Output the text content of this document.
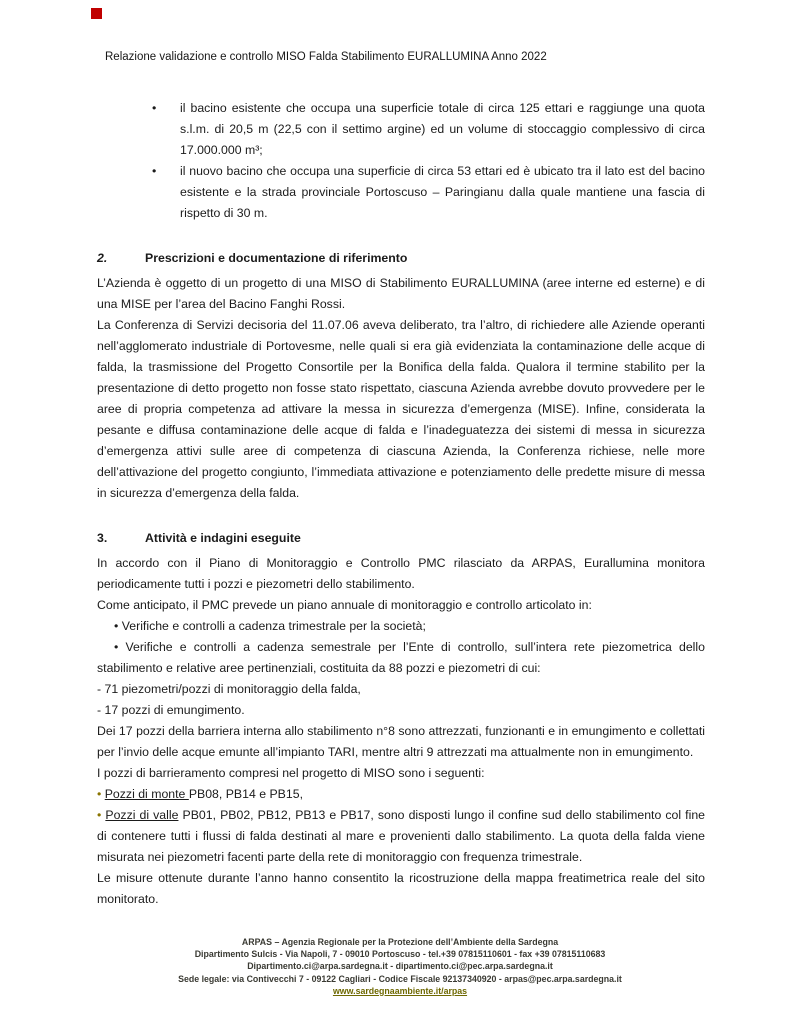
Relazione validazione e controllo MISO Falda Stabilimento EURALLUMINA Anno 2022
• il bacino esistente che occupa una superficie totale di circa 125 ettari e raggiunge una quota s.l.m. di 20,5 m (22,5 con il settimo argine) ed un volume di stoccaggio complessivo di circa 17.000.000 m³;
• il nuovo bacino che occupa una superficie di circa 53 ettari ed è ubicato tra il lato est del bacino esistente e la strada provinciale Portoscuso – Paringianu dalla quale mantiene una fascia di rispetto di 30 m.
2.	Prescrizioni e documentazione di riferimento

L’Azienda è oggetto di un progetto di una MISO di Stabilimento EURALLUMINA (aree interne ed esterne) e di una MISE per l’area del Bacino Fanghi Rossi.

La Conferenza di Servizi decisoria del 11.07.06 aveva deliberato, tra l’altro, di richiedere alle Aziende operanti nell’agglomerato industriale di Portovesme, nelle quali si era già evidenziata la contaminazione delle acque di falda, la trasmissione del Progetto Consortile per la Bonifica della falda. Qualora il termine stabilito per la presentazione di detto progetto non fosse stato rispettato, ciascuna Azienda avrebbe dovuto provvedere per le aree di propria competenza ad attivare la messa in sicurezza d’emergenza (MISE). Infine, considerata la pesante e diffusa contaminazione delle acque di falda e l’inadeguatezza dei sistemi di messa in sicurezza d’emergenza attivi sulle aree di competenza di ciascuna Azienda, la Conferenza richiese, nelle more dell’attivazione del progetto congiunto, l’immediata attivazione e potenziamento delle predette misure di messa in sicurezza d’emergenza della falda.

3.	Attività e indagini eseguite

In accordo con il Piano di Monitoraggio e Controllo PMC rilasciato da ARPAS, Eurallumina monitora periodicamente tutti i pozzi e piezometri dello stabilimento.

Come anticipato, il PMC prevede un piano annuale di monitoraggio e controllo articolato in:

• Verifiche e controlli a cadenza trimestrale per la società;

• Verifiche e controlli a cadenza semestrale per l’Ente di controllo, sull’intera rete piezometrica dello stabilimento e relative aree pertinenziali, costituita da 88 pozzi e piezometri di cui:

- 71 piezometri/pozzi di monitoraggio della falda,

- 17 pozzi di emungimento.

Dei 17 pozzi della barriera interna allo stabilimento n°8 sono attrezzati, funzionanti e in emungimento e collettati per l’invio delle acque emunte all’impianto TARI, mentre altri 9 attrezzati ma attualmente non in emungimento.

I pozzi di barrieramento compresi nel progetto di MISO sono i seguenti:

• Pozzi di monte PB08, PB14 e PB15,

• Pozzi di valle PB01, PB02, PB12, PB13 e PB17, sono disposti lungo il confine sud dello stabilimento col fine di contenere tutti i flussi di falda destinati al mare e provenienti dallo stabilimento. La quota della falda viene misurata nei piezometri facenti parte della rete di monitoraggio con frequenza trimestrale.

Le misure ottenute durante l’anno hanno consentito la ricostruzione della mappa freatimetrica reale del sito monitorato.

ARPAS – Agenzia Regionale per la Protezione dell’Ambiente della Sardegna
Dipartimento Sulcis - Via Napoli, 7 - 09010 Portoscuso - tel.+39 07815110601 - fax +39 07815110683
Dipartimento.ci@arpa.sardegna.it - dipartimento.ci@pec.arpa.sardegna.it
Sede legale: via Contivecchi 7 - 09122 Cagliari - Codice Fiscale 92137340920 - arpas@pec.arpa.sardegna.it
www.sardegnaambiente.it/arpas
